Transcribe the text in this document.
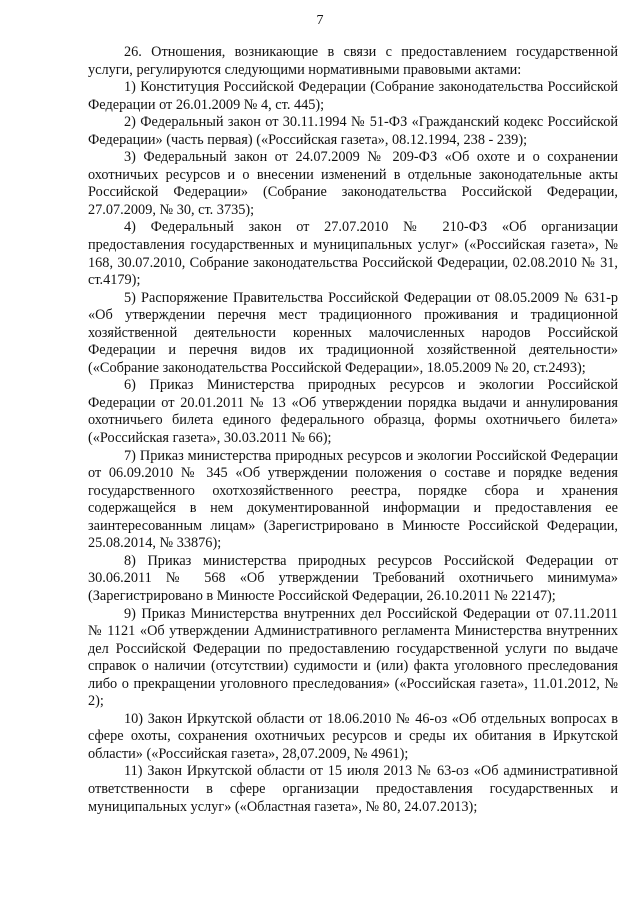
7

26. Отношения, возникающие в связи с предоставлением государственной услуги, регулируются следующими нормативными правовыми актами:

1) Конституция Российской Федерации (Собрание законодательства Российской Федерации от 26.01.2009 № 4, ст. 445);

2) Федеральный закон от 30.11.1994 № 51-ФЗ «Гражданский кодекс Российской Федерации» (часть первая) («Российская газета», 08.12.1994, 238 - 239);

3) Федеральный закон от 24.07.2009 № 209-ФЗ «Об охоте и о сохранении охотничьих ресурсов и о внесении изменений в отдельные законодательные акты Российской Федерации» (Собрание законодательства Российской Федерации, 27.07.2009, № 30, ст. 3735);

4) Федеральный закон от 27.07.2010 № 210-ФЗ «Об организации предоставления государственных и муниципальных услуг» («Российская газета», № 168, 30.07.2010, Собрание законодательства Российской Федерации, 02.08.2010 № 31, ст.4179);

5) Распоряжение Правительства Российской Федерации от 08.05.2009 № 631-р «Об утверждении перечня мест традиционного проживания и традиционной хозяйственной деятельности коренных малочисленных народов Российской Федерации и перечня видов их традиционной хозяйственной деятельности» («Собрание законодательства Российской Федерации», 18.05.2009 № 20, ст.2493);

6) Приказ Министерства природных ресурсов и экологии Российской Федерации от 20.01.2011 № 13 «Об утверждении порядка выдачи и аннулирования охотничьего билета единого федерального образца, формы охотничьего билета» («Российская газета», 30.03.2011 № 66);

7) Приказ министерства природных ресурсов и экологии Российской Федерации от 06.09.2010 № 345 «Об утверждении положения о составе и порядке ведения государственного охотхозяйственного реестра, порядке сбора и хранения содержащейся в нем документированной информации и предоставления ее заинтересованным лицам» (Зарегистрировано в Минюсте Российской Федерации, 25.08.2014, № 33876);

8) Приказ министерства природных ресурсов Российской Федерации от 30.06.2011 № 568 «Об утверждении Требований охотничьего минимума» (Зарегистрировано в Минюсте Российской Федерации, 26.10.2011 № 22147);

9) Приказ Министерства внутренних дел Российской Федерации от 07.11.2011 № 1121 «Об утверждении Административного регламента Министерства внутренних дел Российской Федерации по предоставлению государственной услуги по выдаче справок о наличии (отсутствии) судимости и (или) факта уголовного преследования либо о прекращении уголовного преследования» («Российская газета», 11.01.2012, № 2);

10) Закон Иркутской области от 18.06.2010 № 46-оз «Об отдельных вопросах в сфере охоты, сохранения охотничьих ресурсов и среды их обитания в Иркутской области» («Российская газета», 28,07.2009, № 4961);

11) Закон Иркутской области от 15 июля 2013 № 63-оз «Об административной ответственности в сфере организации предоставления государственных и муниципальных услуг» («Областная газета», № 80, 24.07.2013);
